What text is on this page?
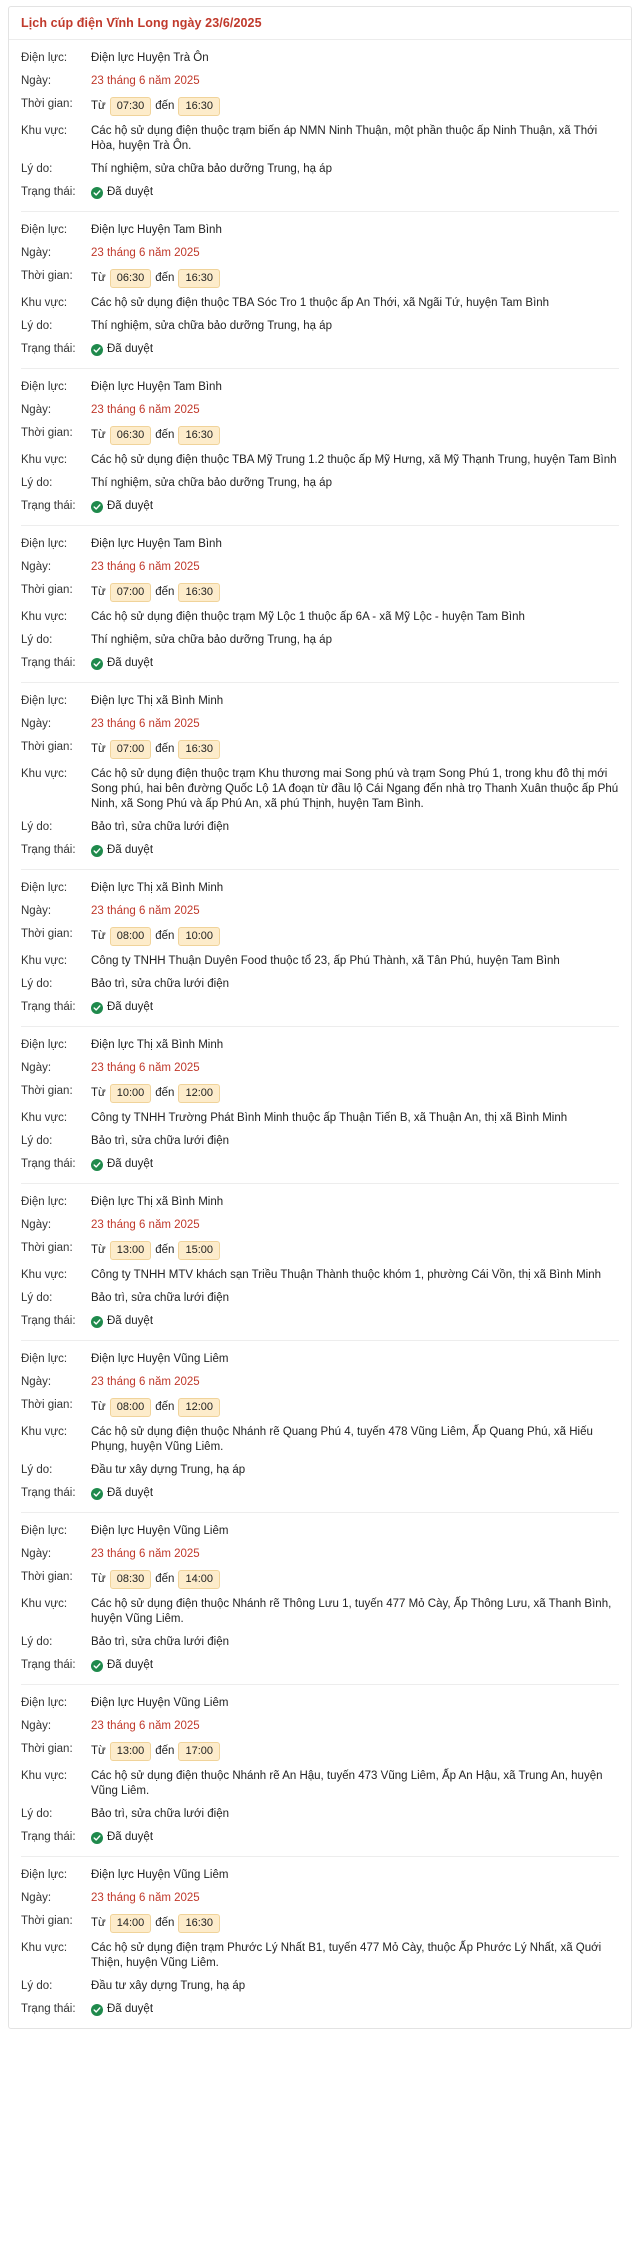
Lịch cúp điện Vĩnh Long ngày 23/6/2025
Điện lực:	Điện lực Huyện Trà Ôn
Ngày:	23 tháng 6 năm 2025
Thời gian:	Từ	07:30 đến	16:30
Khu vực:	Các hộ sử dụng điện thuộc trạm biến áp NMN Ninh Thuận, một phần thuộc ấp Ninh Thuận, xã Thới Hòa, huyện Trà Ôn.
Lý do:	Thí nghiệm, sửa chữa bảo dưỡng Trung, hạ áp
Trạng thái:	Đã duyệt
Điện lực:	Điện lực Huyện Tam Bình
Ngày:	23 tháng 6 năm 2025
Thời gian:	Từ	06:30 đến	16:30
Khu vực:	Các hộ sử dụng điện thuộc TBA Sóc Tro 1 thuộc ấp An Thới, xã Ngãi Tứ, huyện Tam Bình
Lý do:	Thí nghiệm, sửa chữa bảo dưỡng Trung, hạ áp
Trạng thái:	Đã duyệt
Điện lực:	Điện lực Huyện Tam Bình
Ngày:	23 tháng 6 năm 2025
Thời gian:	Từ	06:30 đến	16:30
Khu vực:	Các hộ sử dụng điện thuộc TBA Mỹ Trung 1.2 thuộc ấp Mỹ Hưng, xã Mỹ Thạnh Trung, huyện Tam Bình
Lý do:	Thí nghiệm, sửa chữa bảo dưỡng Trung, hạ áp
Trạng thái:	Đã duyệt
Điện lực:	Điện lực Huyện Tam Bình
Ngày:	23 tháng 6 năm 2025
Thời gian:	Từ	07:00 đến	16:30
Khu vực:	Các hộ sử dụng điện thuộc trạm Mỹ Lộc 1 thuộc ấp 6A - xã Mỹ Lộc - huyện Tam Bình
Lý do:	Thí nghiệm, sửa chữa bảo dưỡng Trung, hạ áp
Trạng thái:	Đã duyệt
Điện lực:	Điện lực Thị xã Bình Minh
Ngày:	23 tháng 6 năm 2025
Thời gian:	Từ	07:00 đến	16:30
Khu vực:	Các hộ sử dụng điện thuộc trạm Khu thương mai Song phú và trạm Song Phú 1, trong khu đô thị mới Song phú, hai bên đường Quốc Lộ 1A đoạn từ đầu lộ Cái Ngang đến nhà trọ Thanh Xuân thuộc ấp Phú Ninh, xã Song Phú và ấp Phú An, xã phú Thịnh, huyện Tam Bình.
Lý do:	Bảo trì, sửa chữa lưới điện
Trạng thái:	Đã duyệt
Điện lực:	Điện lực Thị xã Bình Minh
Ngày:	23 tháng 6 năm 2025
Thời gian:	Từ	08:00 đến	10:00
Khu vực:	Công ty TNHH Thuận Duyên Food thuộc tổ 23, ấp Phú Thành, xã Tân Phú, huyện Tam Bình
Lý do:	Bảo trì, sửa chữa lưới điện
Trạng thái:	Đã duyệt
Điện lực:	Điện lực Thị xã Bình Minh
Ngày:	23 tháng 6 năm 2025
Thời gian:	Từ	10:00 đến	12:00
Khu vực:	Công ty TNHH Trường Phát Bình Minh thuộc ấp Thuận Tiến B, xã Thuận An, thị xã Bình Minh
Lý do:	Bảo trì, sửa chữa lưới điện
Trạng thái:	Đã duyệt
Điện lực:	Điện lực Thị xã Bình Minh
Ngày:	23 tháng 6 năm 2025
Thời gian:	Từ	13:00 đến	15:00
Khu vực:	Công ty TNHH MTV khách sạn Triều Thuận Thành thuộc khóm 1, phường Cái Vồn, thị xã Bình Minh
Lý do:	Bảo trì, sửa chữa lưới điện
Trạng thái:	Đã duyệt
Điện lực:	Điện lực Huyện Vũng Liêm
Ngày:	23 tháng 6 năm 2025
Thời gian:	Từ	08:00 đến	12:00
Khu vực:	Các hộ sử dụng điện thuộc Nhánh rẽ Quang Phú 4, tuyến 478 Vũng Liêm, Ấp Quang Phú, xã Hiếu Phụng, huyện Vũng Liêm.
Lý do:	Đầu tư xây dựng Trung, hạ áp
Trạng thái:	Đã duyệt
Điện lực:	Điện lực Huyện Vũng Liêm
Ngày:	23 tháng 6 năm 2025
Thời gian:	Từ	08:30 đến	14:00
Khu vực:	Các hộ sử dụng điện thuộc Nhánh rẽ Thông Lưu 1, tuyến 477 Mỏ Cày, Ấp Thông Lưu, xã Thanh Bình, huyện Vũng Liêm.
Lý do:	Bảo trì, sửa chữa lưới điện
Trạng thái:	Đã duyệt
Điện lực:	Điện lực Huyện Vũng Liêm
Ngày:	23 tháng 6 năm 2025
Thời gian:	Từ	13:00 đến	17:00
Khu vực:	Các hộ sử dụng điện thuộc Nhánh rẽ An Hậu, tuyến 473 Vũng Liêm, Ấp An Hậu, xã Trung An, huyện Vũng Liêm.
Lý do:	Bảo trì, sửa chữa lưới điện
Trạng thái:	Đã duyệt
Điện lực:	Điện lực Huyện Vũng Liêm
Ngày:	23 tháng 6 năm 2025
Thời gian:	Từ	14:00 đến	16:30
Khu vực:	Các hộ sử dụng điện trạm Phước Lý Nhất B1, tuyến 477 Mỏ Cày, thuộc Ấp Phước Lý Nhất, xã Quới Thiện, huyện Vũng Liêm.
Lý do:	Đầu tư xây dựng Trung, hạ áp
Trạng thái:	Đã duyệt
